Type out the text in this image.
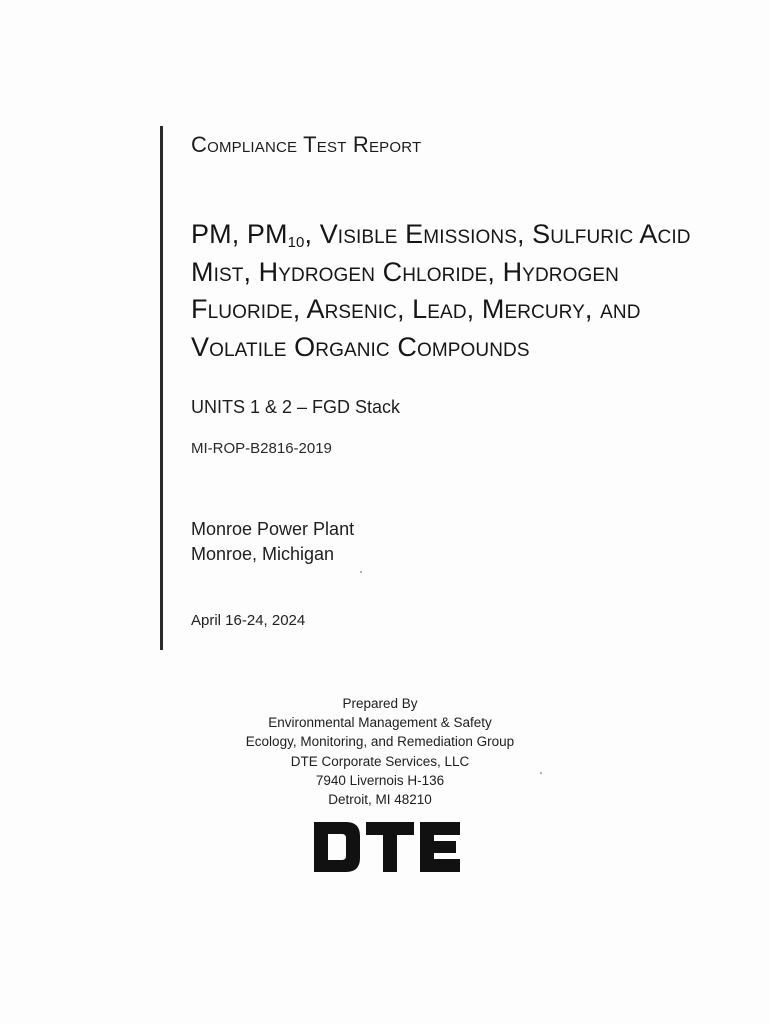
Compliance Test Report
PM, $PM_{10}$, Visible Emissions, Sulfuric Acid Mist, Hydrogen Chloride, Hydrogen Fluoride, Arsenic, Lead, Mercury, and Volatile Organic Compounds
UNITS 1 & 2 – FGD Stack
MI-ROP-B2816-2019
Monroe Power Plant
Monroe, Michigan
April 16-24, 2024
Prepared By
Environmental Management & Safety
Ecology, Monitoring, and Remediation Group
DTE Corporate Services, LLC
7940 Livernois H-136
Detroit, MI 48210
